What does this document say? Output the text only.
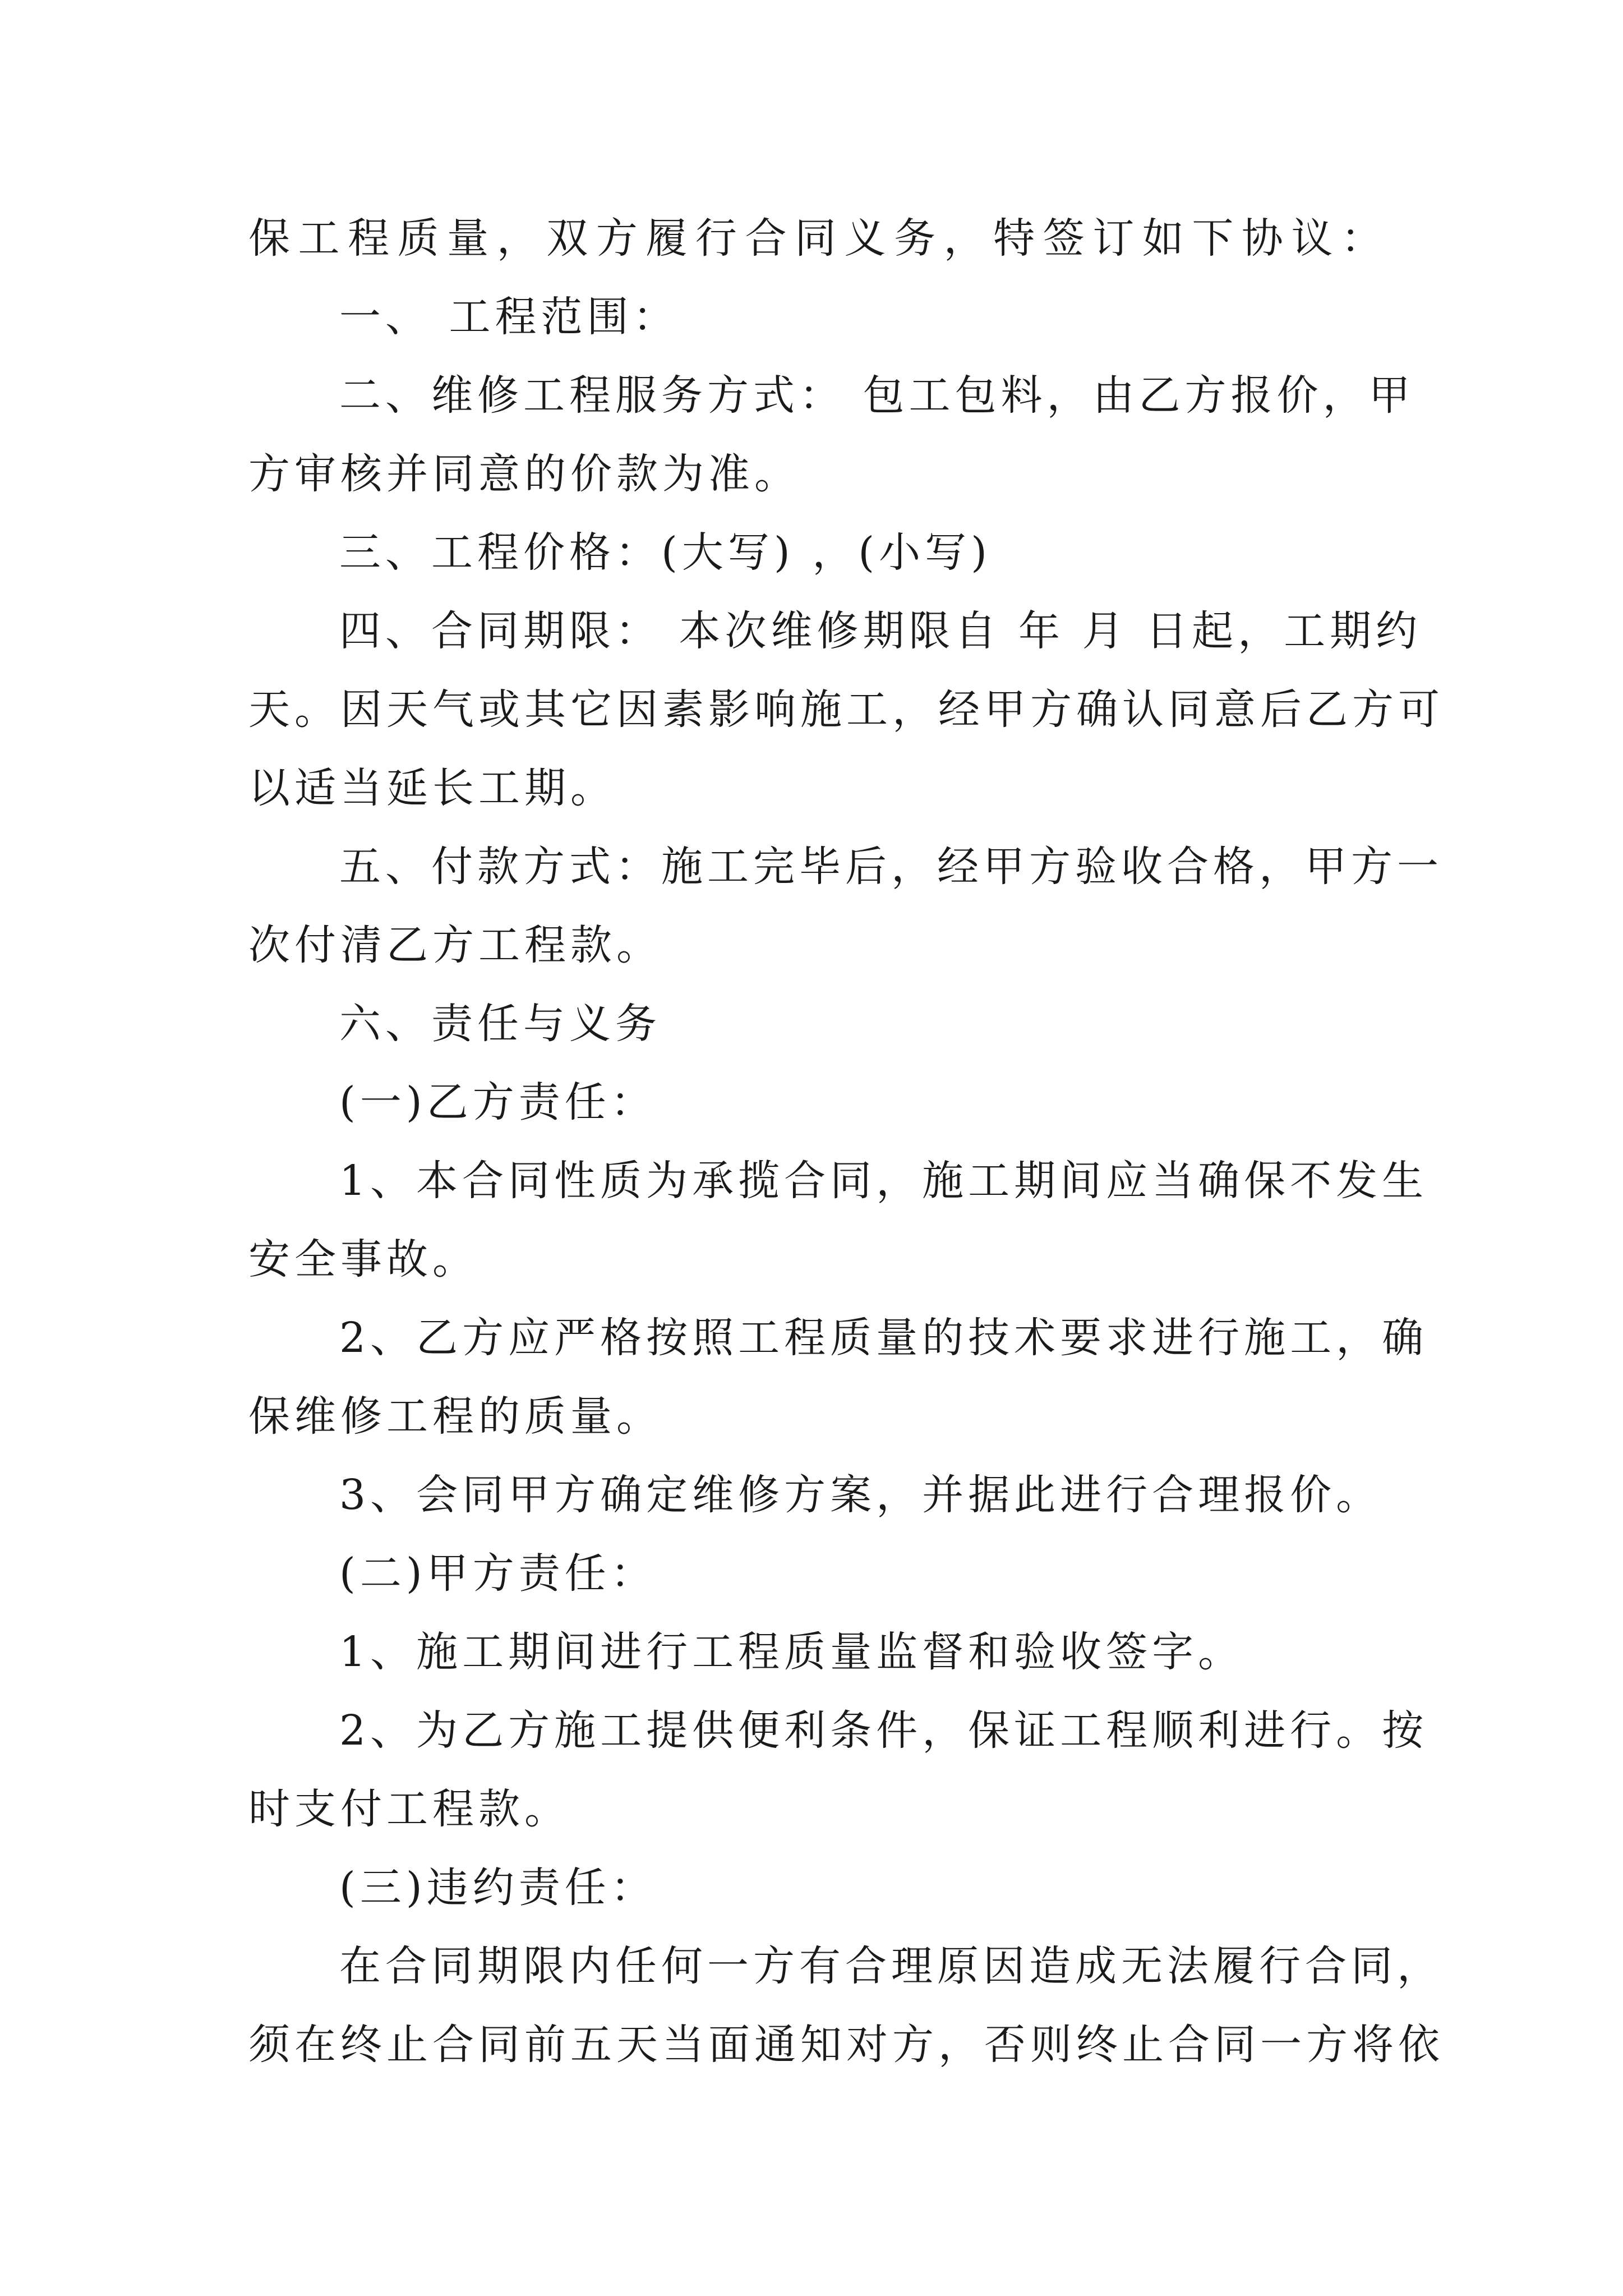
保工程质量，双方履行合同义务，特签订如下协议：
一、 工程范围：
二、维修工程服务方式： 包工包料，由乙方报价，甲
方审核并同意的价款为准。
三、工程价格：(大写) ，(小写)
四、合同期限： 本次维修期限自 年 月 日起，工期约
天。因天气或其它因素影响施工，经甲方确认同意后乙方可
以适当延长工期。
五、付款方式：施工完毕后，经甲方验收合格，甲方一
次付清乙方工程款。
六、责任与义务
(一)乙方责任：
1、本合同性质为承揽合同，施工期间应当确保不发生
安全事故。
2、乙方应严格按照工程质量的技术要求进行施工，确
保维修工程的质量。
3、会同甲方确定维修方案，并据此进行合理报价。
(二)甲方责任：
1、施工期间进行工程质量监督和验收签字。
2、为乙方施工提供便利条件，保证工程顺利进行。按
时支付工程款。
(三)违约责任：
在合同期限内任何一方有合理原因造成无法履行合同，
须在终止合同前五天当面通知对方，否则终止合同一方将依
